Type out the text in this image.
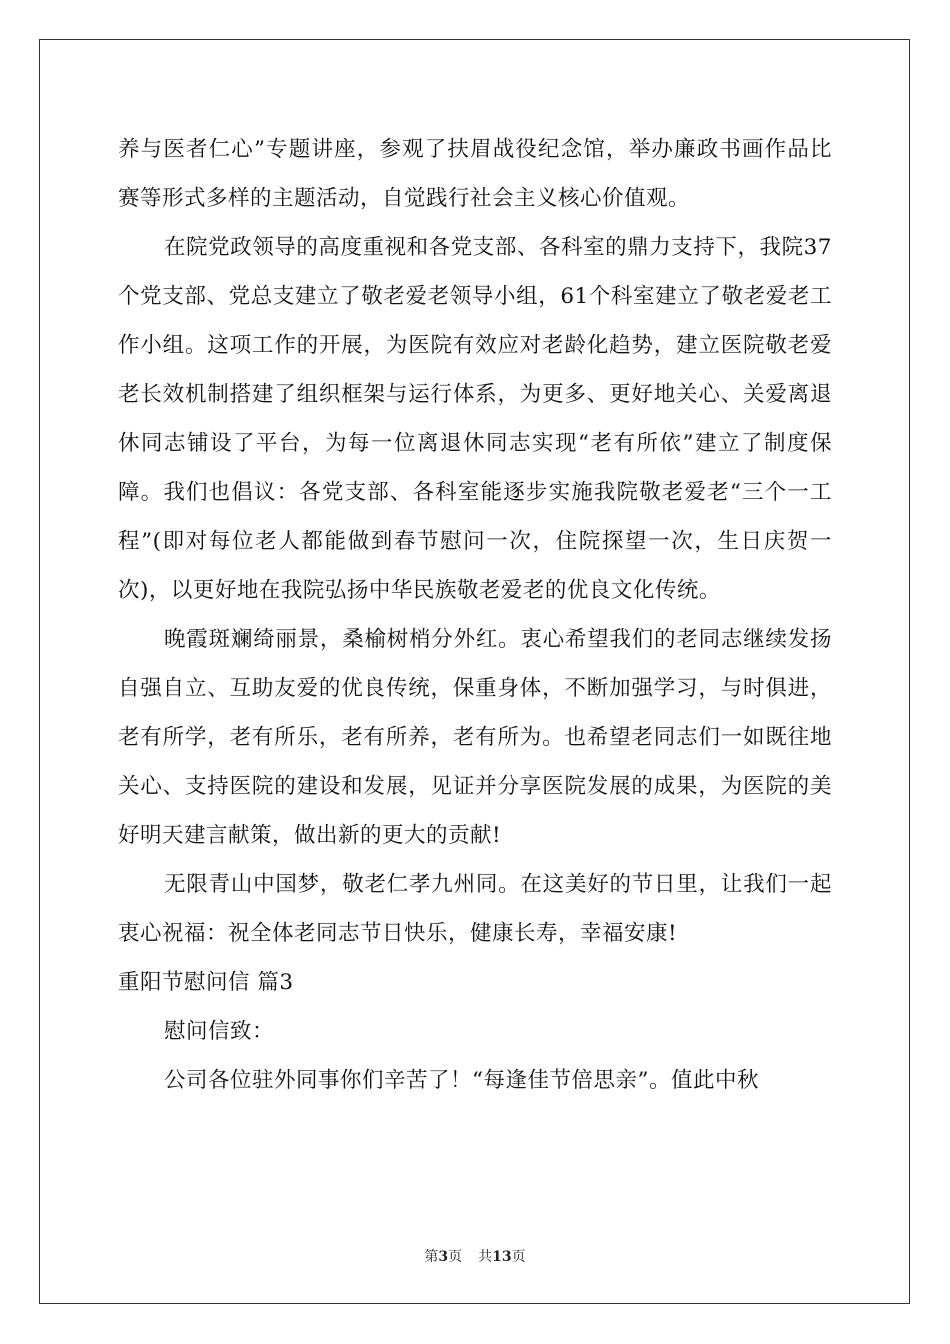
养与医者仁心”专题讲座，参观了扶眉战役纪念馆，举办廉政书画作品比赛等形式多样的主题活动，自觉践行社会主义核心价值观。

在院党政领导的高度重视和各党支部、各科室的鼎力支持下，我院37个党支部、党总支建立了敬老爱老领导小组，61个科室建立了敬老爱老工作小组。这项工作的开展，为医院有效应对老龄化趋势，建立医院敬老爱老长效机制搭建了组织框架与运行体系，为更多、更好地关心、关爱离退休同志铺设了平台，为每一位离退休同志实现“老有所依”建立了制度保障。我们也倡议：各党支部、各科室能逐步实施我院敬老爱老“三个一工程”(即对每位老人都能做到春节慰问一次，住院探望一次，生日庆贺一次)，以更好地在我院弘扬中华民族敬老爱老的优良文化传统。

晚霞斑斓绮丽景，桑榆树梢分外红。衷心希望我们的老同志继续发扬自强自立、互助友爱的优良传统，保重身体，不断加强学习，与时俱进，老有所学，老有所乐，老有所养，老有所为。也希望老同志们一如既往地关心、支持医院的建设和发展，见证并分享医院发展的成果，为医院的美好明天建言献策，做出新的更大的贡献!

无限青山中国梦，敬老仁孝九州同。在这美好的节日里，让我们一起衷心祝福：祝全体老同志节日快乐，健康长寿，幸福安康!

重阳节慰问信 篇3

慰问信致：

公司各位驻外同事你们辛苦了！“每逢佳节倍思亲”。值此中秋

第3页 共13页
